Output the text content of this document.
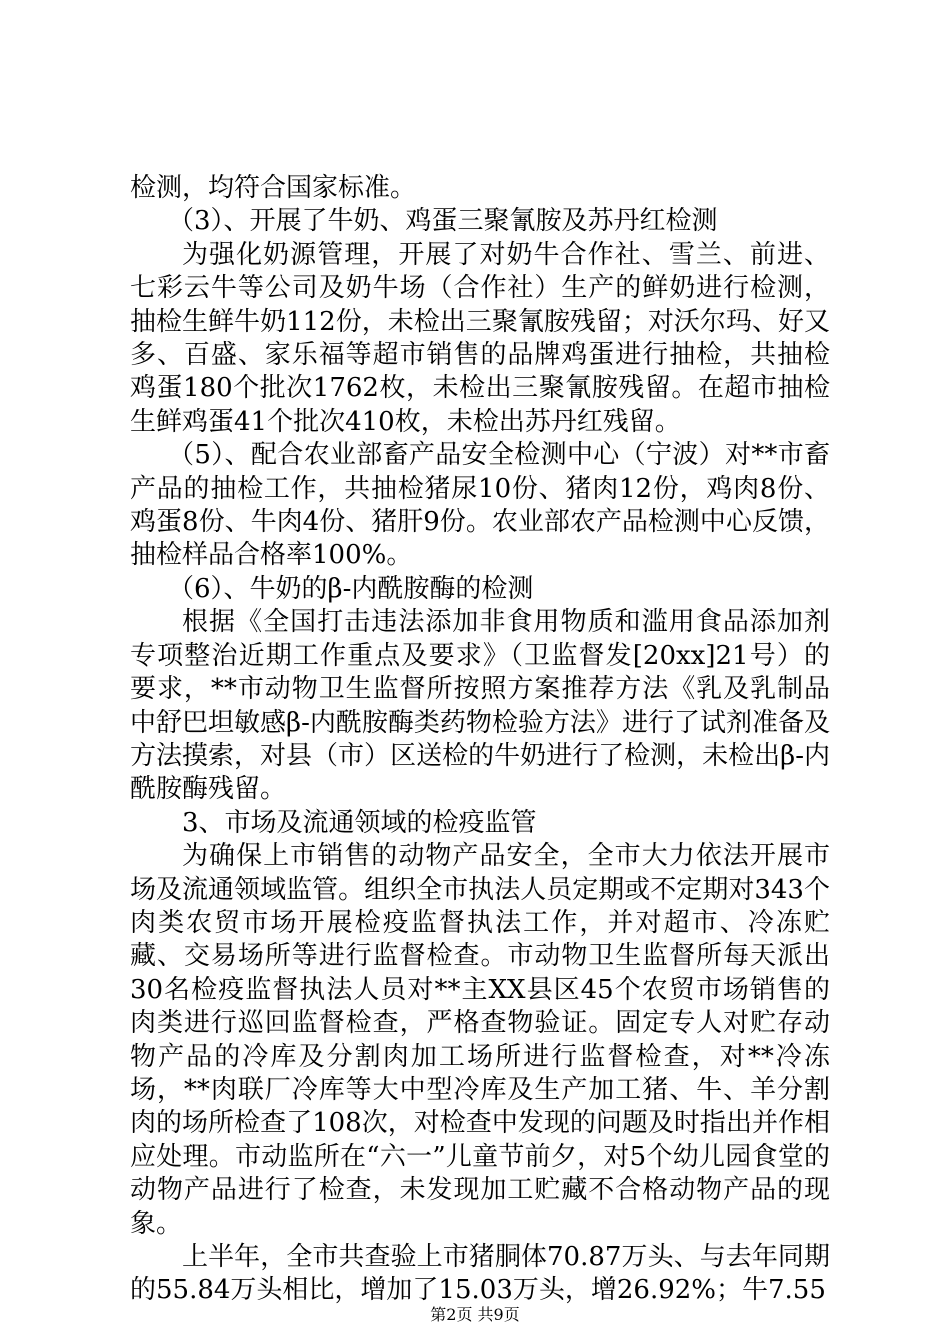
检测，均符合国家标准。

（3）、开展了牛奶、鸡蛋三聚氰胺及苏丹红检测

为强化奶源管理，开展了对奶牛合作社、雪兰、前进、七彩云牛等公司及奶牛场（合作社）生产的鲜奶进行检测，抽检生鲜牛奶112份，未检出三聚氰胺残留；对沃尔玛、好又多、百盛、家乐福等超市销售的品牌鸡蛋进行抽检，共抽检鸡蛋180个批次1762枚，未检出三聚氰胺残留。在超市抽检生鲜鸡蛋41个批次410枚，未检出苏丹红残留。

（5）、配合农业部畜产品安全检测中心（宁波）对**市畜产品的抽检工作，共抽检猪尿10份、猪肉12份，鸡肉8份、鸡蛋8份、牛肉4份、猪肝9份。农业部农产品检测中心反馈，抽检样品合格率100%。

（6）、牛奶的β-内酰胺酶的检测

根据《全国打击违法添加非食用物质和滥用食品添加剂专项整治近期工作重点及要求》（卫监督发[20xx]21号）的要求，**市动物卫生监督所按照方案推荐方法《乳及乳制品中舒巴坦敏感β-内酰胺酶类药物检验方法》进行了试剂准备及方法摸索，对县（市）区送检的牛奶进行了检测，未检出β-内酰胺酶残留。

3、市场及流通领域的检疫监管

为确保上市销售的动物产品安全，全市大力依法开展市场及流通领域监管。组织全市执法人员定期或不定期对343个肉类农贸市场开展检疫监督执法工作，并对超市、冷冻贮藏、交易场所等进行监督检查。市动物卫生监督所每天派出30名检疫监督执法人员对**主XX县区45个农贸市场销售的肉类进行巡回监督检查，严格查物验证。固定专人对贮存动物产品的冷库及分割肉加工场所进行监督检查，对**冷冻场，**肉联厂冷库等大中型冷库及生产加工猪、牛、羊分割肉的场所检查了108次，对检查中发现的问题及时指出并作相应处理。市动监所在“六一”儿童节前夕，对5个幼儿园食堂的动物产品进行了检查，未发现加工贮藏不合格动物产品的现象。

上半年，全市共查验上市猪胴体70.87万头、与去年同期的55.84万头相比，增加了15.03万头，增26.92%；牛7.55

第2页 共9页
